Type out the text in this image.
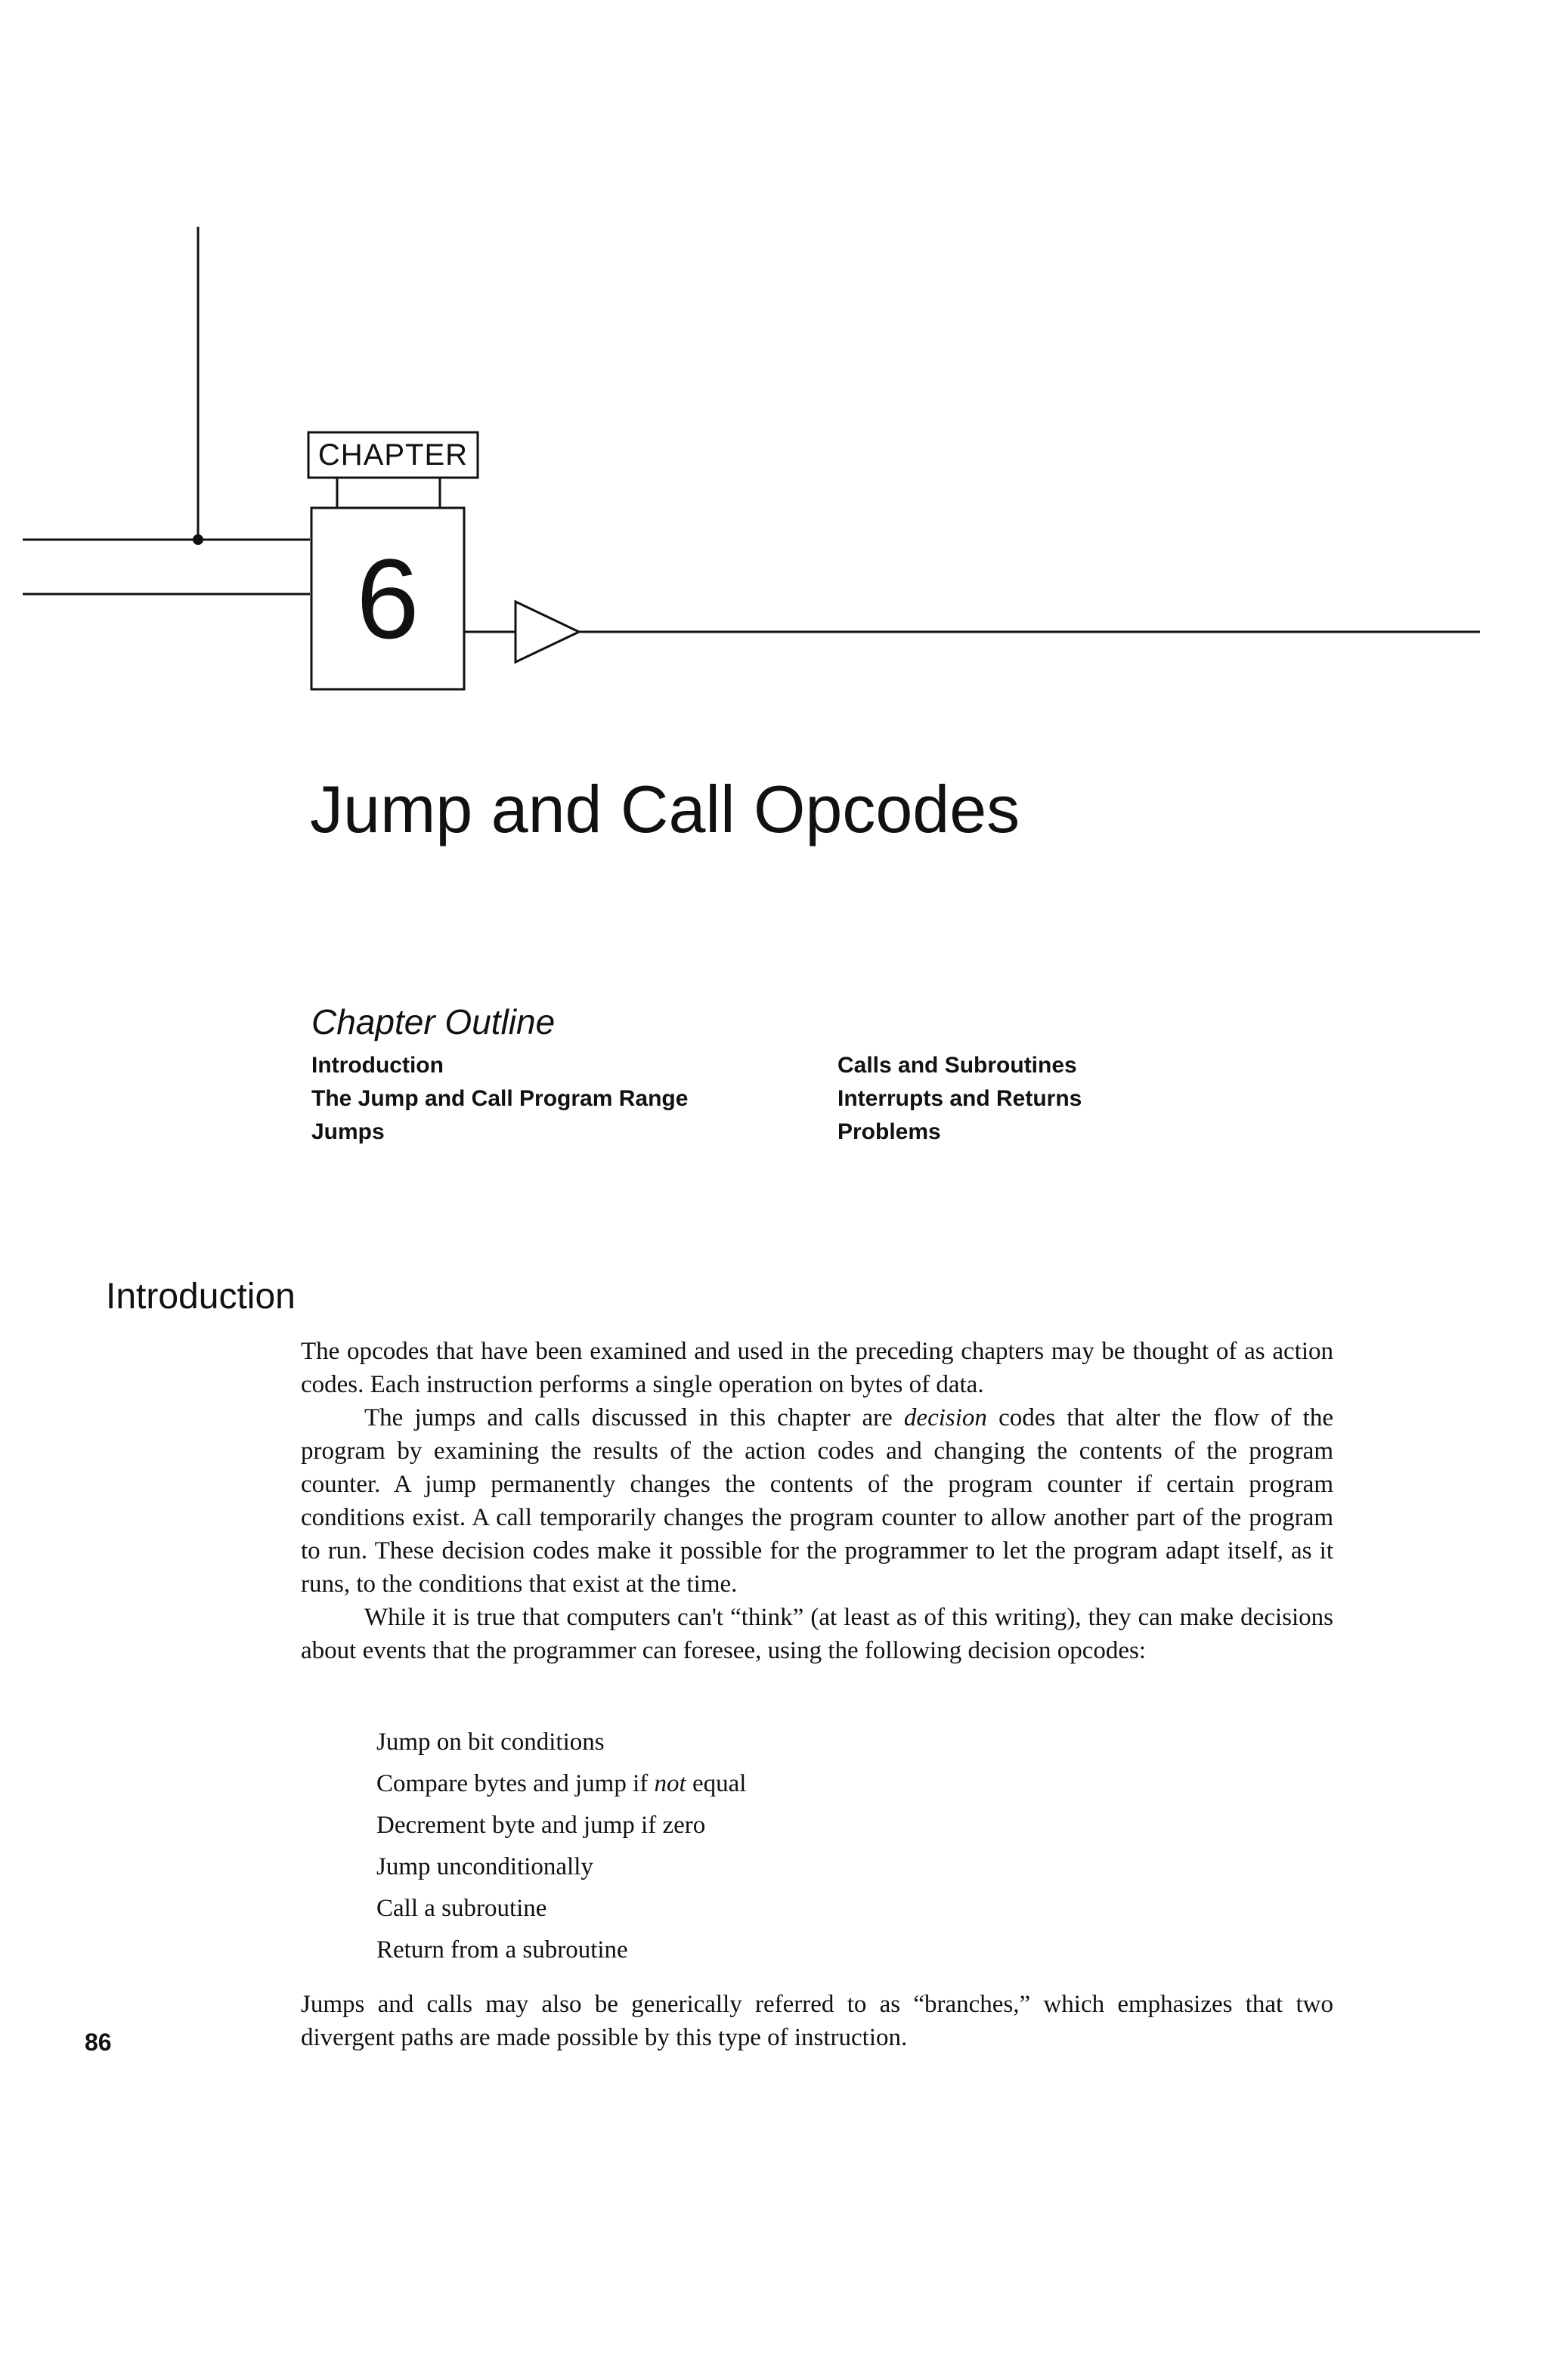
CHAPTER
6
Jump and Call Opcodes
Chapter Outline
Introduction
The Jump and Call Program Range
Jumps
Calls and Subroutines
Interrupts and Returns
Problems
Introduction

The opcodes that have been examined and used in the preceding chapters may be thought of as action codes. Each instruction performs a single operation on bytes of data.

The jumps and calls discussed in this chapter are decision codes that alter the flow of the program by examining the results of the action codes and changing the contents of the program counter. A jump permanently changes the contents of the program counter if certain program conditions exist. A call temporarily changes the program counter to allow another part of the program to run. These decision codes make it possible for the programmer to let the program adapt itself, as it runs, to the conditions that exist at the time.

While it is true that computers can't “think” (at least as of this writing), they can make decisions about events that the programmer can foresee, using the following decision opcodes:

Jump on bit conditions
Compare bytes and jump if not equal
Decrement byte and jump if zero
Jump unconditionally
Call a subroutine
Return from a subroutine

Jumps and calls may also be generically referred to as “branches,” which emphasizes that two divergent paths are made possible by this type of instruction.

86
